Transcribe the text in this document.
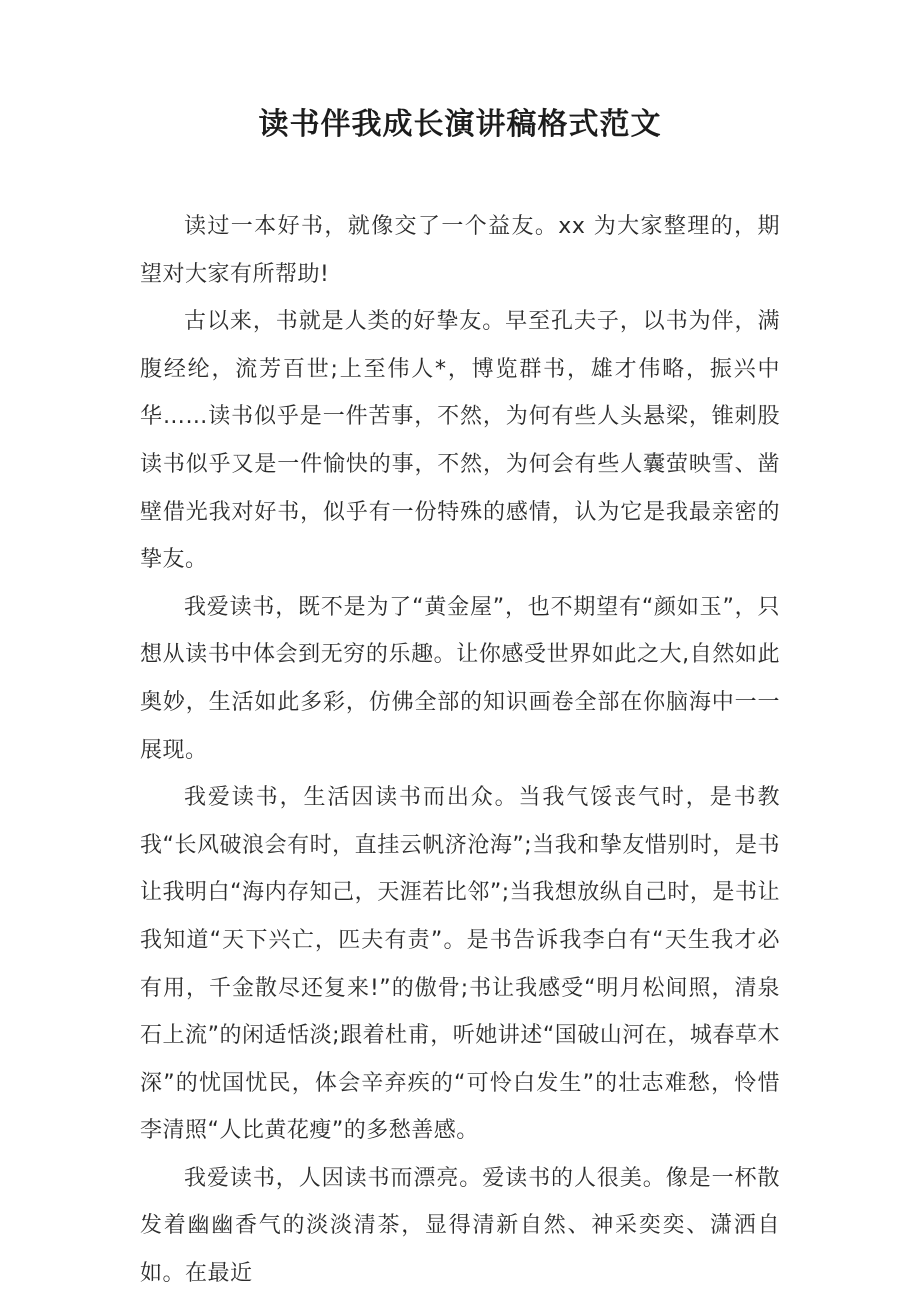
读书伴我成长演讲稿格式范文

读过一本好书，就像交了一个益友。xx 为大家整理的，期望对大家有所帮助!

古以来，书就是人类的好挚友。早至孔夫子，以书为伴，满腹经纶，流芳百世;上至伟人*，博览群书，雄才伟略，振兴中华……读书似乎是一件苦事，不然，为何有些人头悬梁，锥刺股读书似乎又是一件愉快的事，不然，为何会有些人囊萤映雪、凿壁借光我对好书，似乎有一份特殊的感情，认为它是我最亲密的挚友。

我爱读书，既不是为了“黄金屋”，也不期望有“颜如玉”，只想从读书中体会到无穷的乐趣。让你感受世界如此之大,自然如此奥妙，生活如此多彩，仿佛全部的知识画卷全部在你脑海中一一展现。

我爱读书，生活因读书而出众。当我气馁丧气时，是书教我“长风破浪会有时，直挂云帆济沧海”;当我和挚友惜别时，是书让我明白“海内存知己，天涯若比邻”;当我想放纵自己时，是书让我知道“天下兴亡，匹夫有责”。是书告诉我李白有“天生我才必有用，千金散尽还复来!”的傲骨;书让我感受“明月松间照，清泉石上流”的闲适恬淡;跟着杜甫，听她讲述“国破山河在，城春草木深”的忧国忧民，体会辛弃疾的“可怜白发生”的壮志难愁，怜惜李清照“人比黄花瘦”的多愁善感。

我爱读书，人因读书而漂亮。爱读书的人很美。像是一杯散发着幽幽香气的淡淡清茶，显得清新自然、神采奕奕、潇洒自如。在最近
